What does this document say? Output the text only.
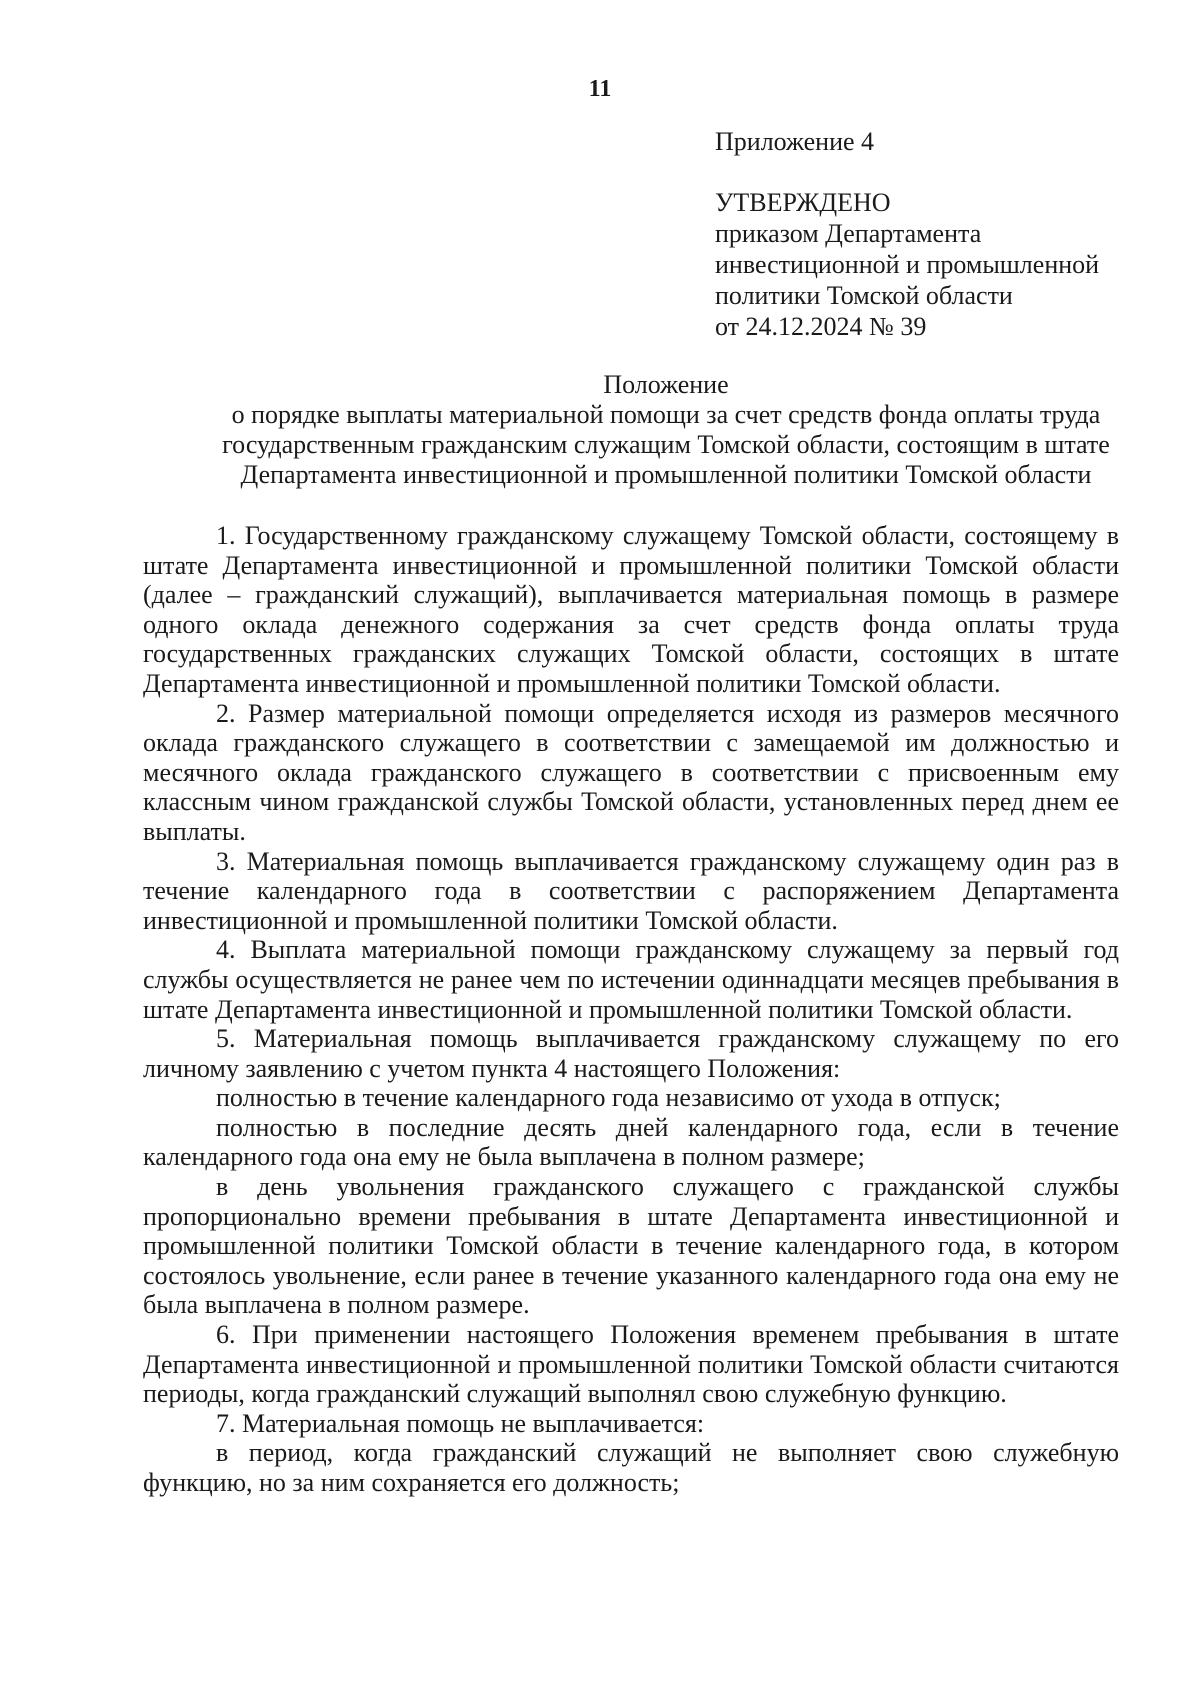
11

Приложение 4

УТВЕРЖДЕНО

приказом Департамента

инвестиционной и промышленной

политики Томской области

от 24.12.2024 № 39

Положение
о порядке выплаты материальной помощи за счет средств фонда оплаты труда
государственным гражданским служащим Томской области, состоящим в штате
Департамента инвестиционной и промышленной политики Томской области

1. Государственному гражданскому служащему Томской области, состоящему в штате Департамента инвестиционной и промышленной политики Томской области (далее – гражданский служащий), выплачивается материальная помощь в размере одного оклада денежного содержания за счет средств фонда оплаты труда государственных гражданских служащих Томской области, состоящих в штате Департамента инвестиционной и промышленной политики Томской области.

2. Размер материальной помощи определяется исходя из размеров месячного оклада гражданского служащего в соответствии с замещаемой им должностью и месячного оклада гражданского служащего в соответствии с присвоенным ему классным чином гражданской службы Томской области, установленных перед днем ее выплаты.

3. Материальная помощь выплачивается гражданскому служащему один раз в течение календарного года в соответствии с распоряжением Департамента инвестиционной и промышленной политики Томской области.

4. Выплата материальной помощи гражданскому служащему за первый год службы осуществляется не ранее чем по истечении одиннадцати месяцев пребывания в штате Департамента инвестиционной и промышленной политики Томской области.

5. Материальная помощь выплачивается гражданскому служащему по его личному заявлению с учетом пункта 4 настоящего Положения:

полностью в течение календарного года независимо от ухода в отпуск;

полностью в последние десять дней календарного года, если в течение календарного года она ему не была выплачена в полном размере;

в день увольнения гражданского служащего с гражданской службы пропорционально времени пребывания в штате Департамента инвестиционной и промышленной политики Томской области в течение календарного года, в котором состоялось увольнение, если ранее в течение указанного календарного года она ему не была выплачена в полном размере.

6. При применении настоящего Положения временем пребывания в штате Департамента инвестиционной и промышленной политики Томской области считаются периоды, когда гражданский служащий выполнял свою служебную функцию.

7. Материальная помощь не выплачивается:

в период, когда гражданский служащий не выполняет свою служебную функцию, но за ним сохраняется его должность;
